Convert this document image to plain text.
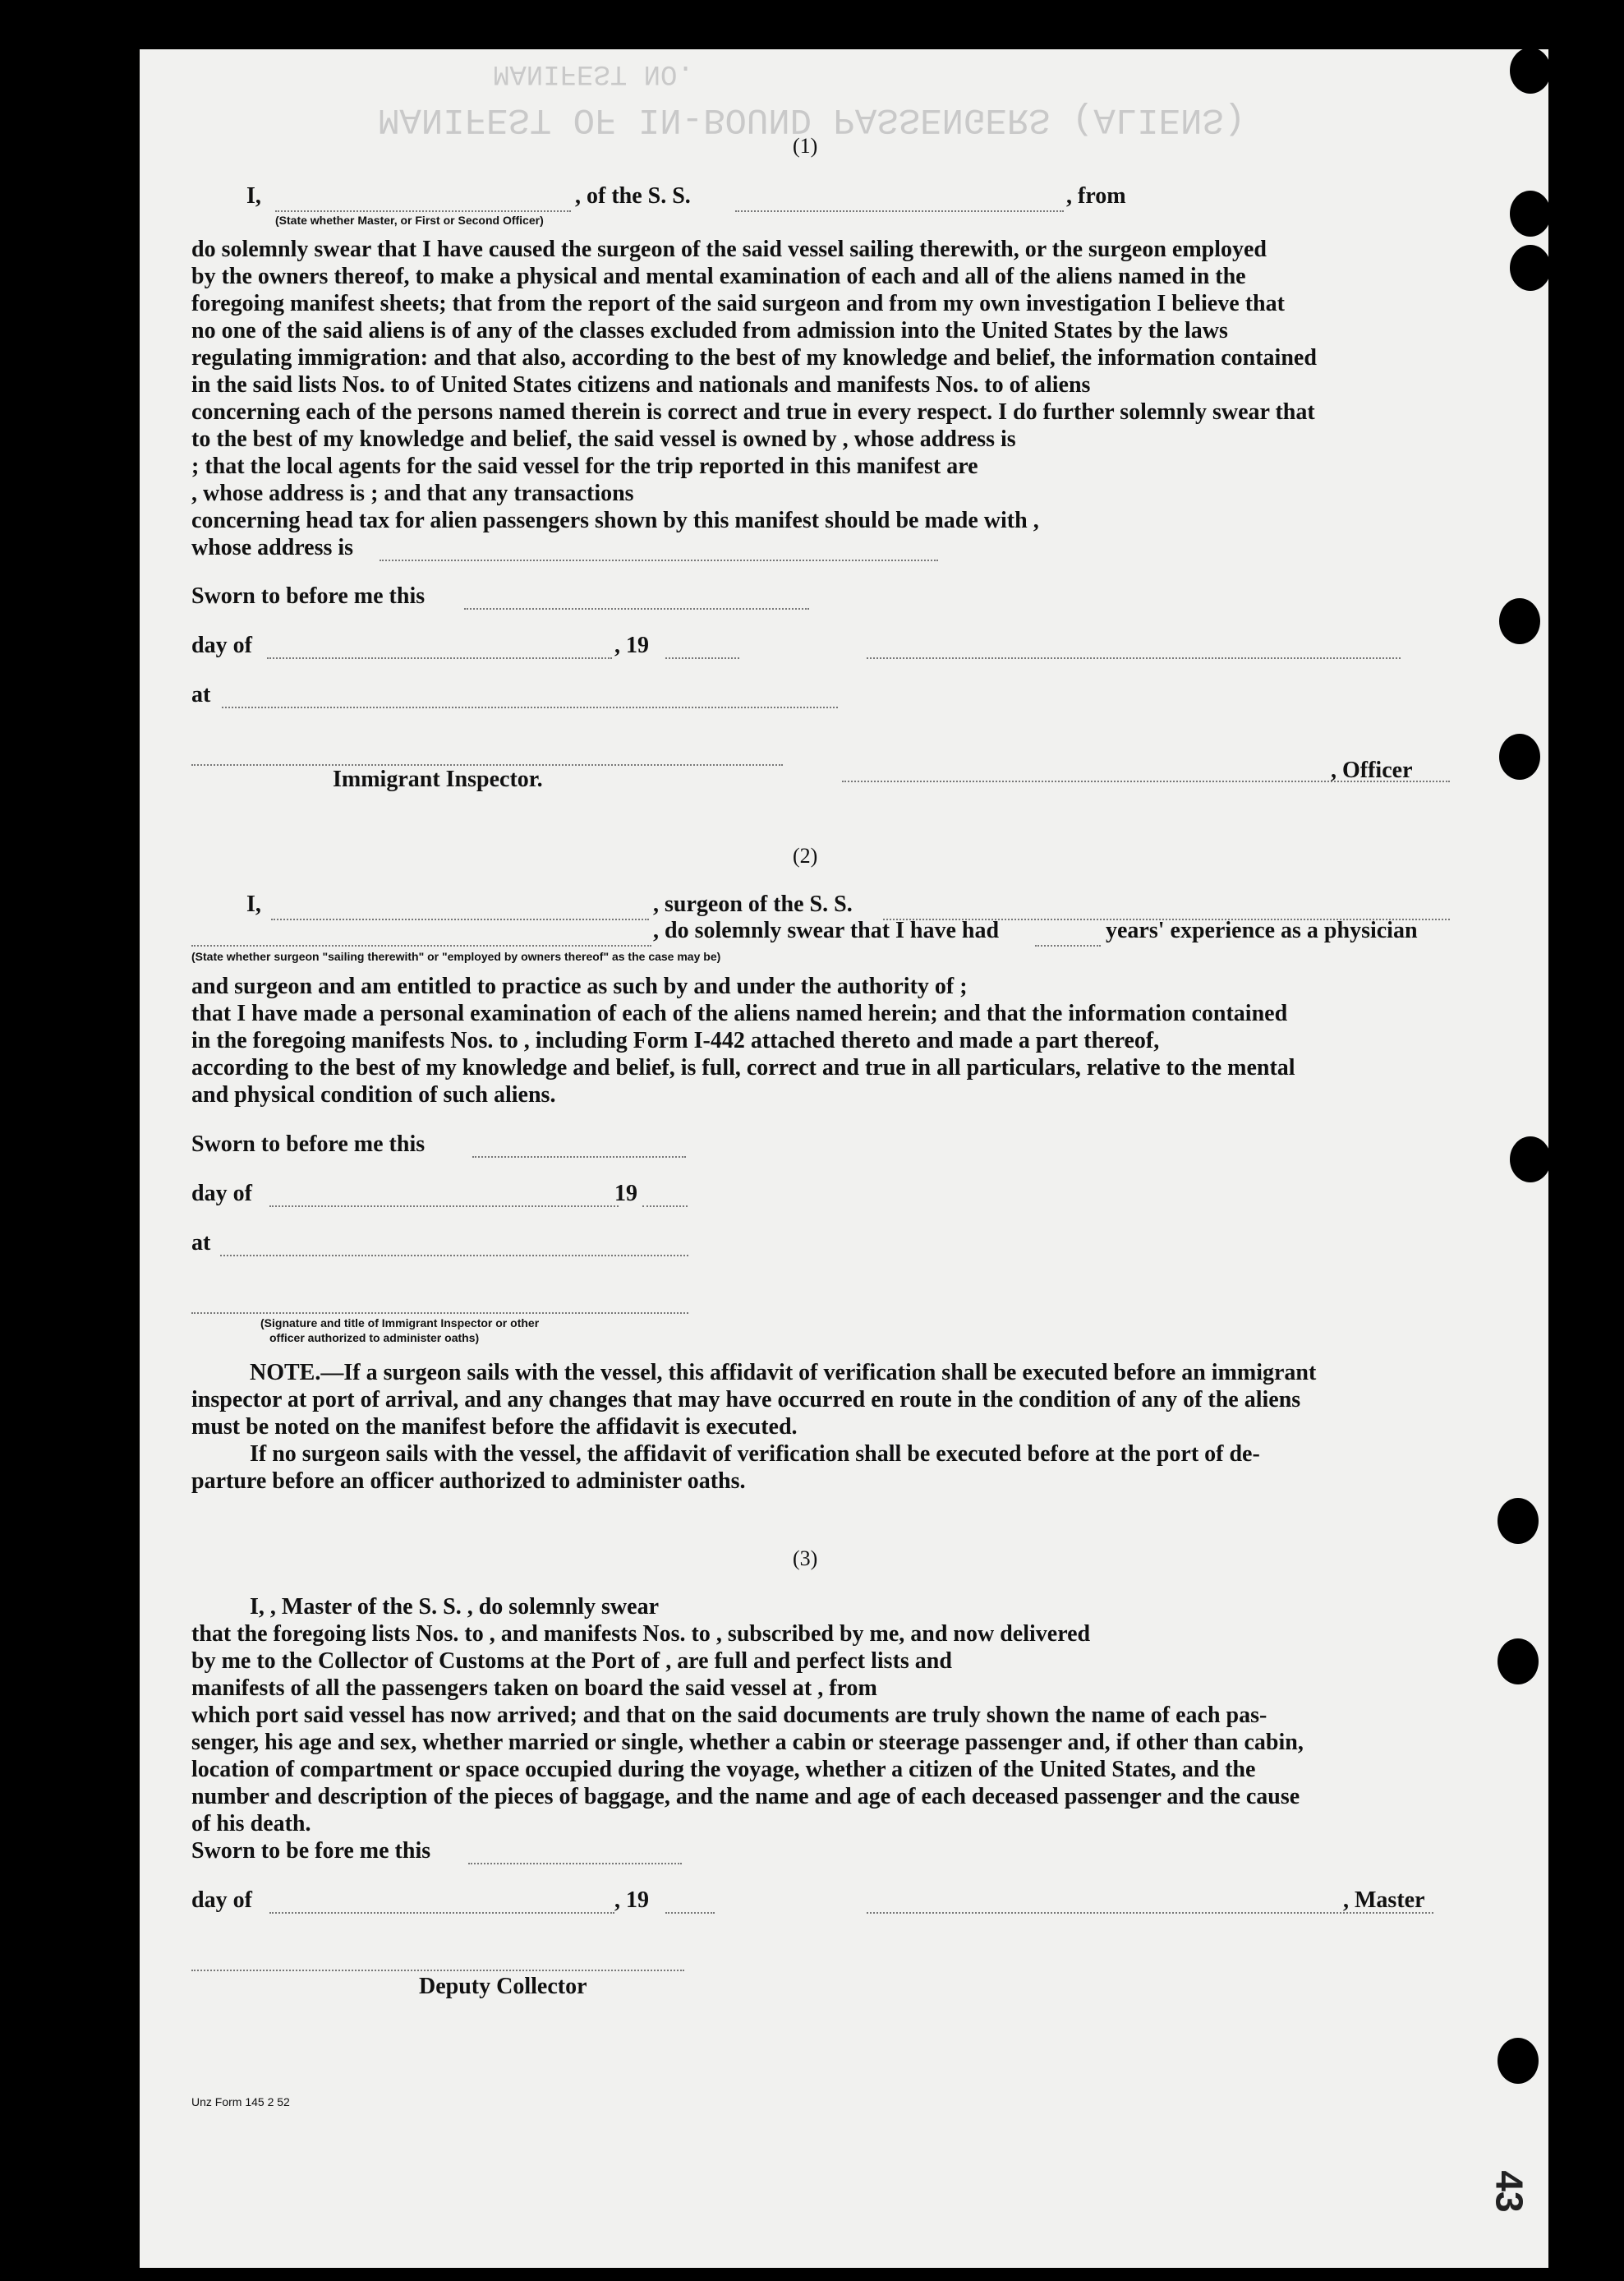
MANIFEST NO.
MANIFEST OF IN-BOUND PASSENGERS (ALIENS)
(1)
I,	, of the S. S.	, from
(State whether Master, or First or Second Officer)
do solemnly swear that I have caused the surgeon of the said vessel sailing therewith, or the surgeon employed
by the owners thereof, to make a physical and mental examination of each and all of the aliens named in the
foregoing manifest sheets; that from the report of the said surgeon and from my own investigation I believe that
no one of the said aliens is of any of the classes excluded from admission into the United States by the laws
regulating immigration: and that also, according to the best of my knowledge and belief, the information contained
in the said lists Nos. to of United States citizens and nationals and manifests Nos. to of aliens
concerning each of the persons named therein is correct and true in every respect. I do further solemnly swear that
to the best of my knowledge and belief, the said vessel is owned by , whose address is
; that the local agents for the said vessel for the trip reported in this manifest are
, whose address is ; and that any transactions
concerning head tax for alien passengers shown by this manifest should be made with ,
whose address is
Sworn to before me this
day of	, 19
at
, Officer
Immigrant Inspector.
(2)
I,	, surgeon of the S. S.
, do solemnly swear that I have had	years' experience as a physician
(State whether surgeon "sailing therewith" or "employed by owners thereof" as the case may be)
and surgeon and am entitled to practice as such by and under the authority of ;
that I have made a personal examination of each of the aliens named herein; and that the information contained
in the foregoing manifests Nos. to , including Form I-442 attached thereto and made a part thereof,
according to the best of my knowledge and belief, is full, correct and true in all particulars, relative to the mental
and physical condition of such aliens.
Sworn to before me this
day of	19
at
(Signature and title of Immigrant Inspector or other
officer authorized to administer oaths)
NOTE.—If a surgeon sails with the vessel, this affidavit of verification shall be executed before an immigrant
inspector at port of arrival, and any changes that may have occurred en route in the condition of any of the aliens
must be noted on the manifest before the affidavit is executed.
If no surgeon sails with the vessel, the affidavit of verification shall be executed before at the port of de-
parture before an officer authorized to administer oaths.
(3)
I, , Master of the S. S. , do solemnly swear
that the foregoing lists Nos. to , and manifests Nos. to , subscribed by me, and now delivered
by me to the Collector of Customs at the Port of , are full and perfect lists and
manifests of all the passengers taken on board the said vessel at , from
which port said vessel has now arrived; and that on the said documents are truly shown the name of each pas-
senger, his age and sex, whether married or single, whether a cabin or steerage passenger and, if other than cabin,
location of compartment or space occupied during the voyage, whether a citizen of the United States, and the
number and description of the pieces of baggage, and the name and age of each deceased passenger and the cause
of his death.
Sworn to be fore me this
day of	, 19	, Master
Deputy Collector
Unz Form 145 2 52
43
